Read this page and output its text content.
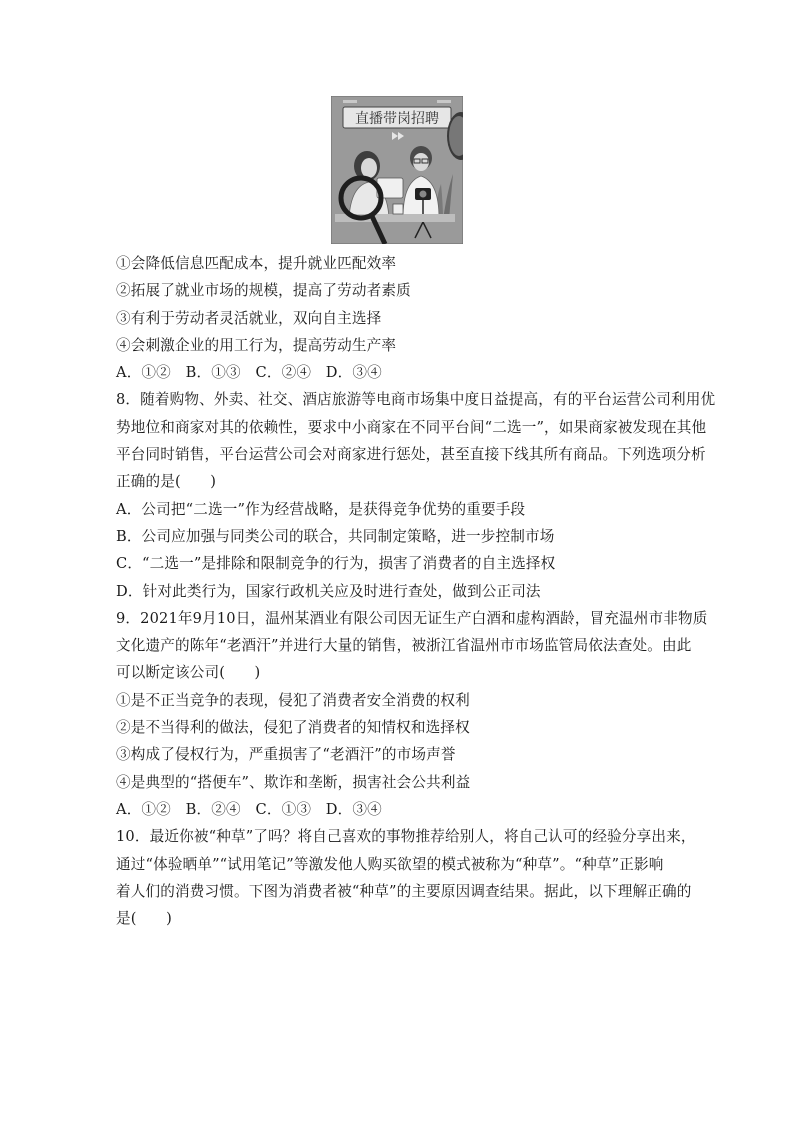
直播带岗招聘
①会降低信息匹配成本，提升就业匹配效率
②拓展了就业市场的规模，提高了劳动者素质
③有利于劳动者灵活就业，双向自主选择
④会刺激企业的用工行为，提高劳动生产率
A．①②　B．①③　C．②④　D．③④
8．随着购物、外卖、社交、酒店旅游等电商市场集中度日益提高，有的平台运营公司利用优
势地位和商家对其的依赖性，要求中小商家在不同平台间“二选一”，如果商家被发现在其他
平台同时销售，平台运营公司会对商家进行惩处，甚至直接下线其所有商品。下列选项分析
正确的是(　　)
A．公司把“二选一”作为经营战略，是获得竞争优势的重要手段
B．公司应加强与同类公司的联合，共同制定策略，进一步控制市场
C．“二选一”是排除和限制竞争的行为，损害了消费者的自主选择权
D．针对此类行为，国家行政机关应及时进行查处，做到公正司法
9．2021年9月10日，温州某酒业有限公司因无证生产白酒和虚构酒龄，冒充温州市非物质
文化遗产的陈年“老酒汗”并进行大量的销售，被浙江省温州市市场监管局依法查处。由此
可以断定该公司(　　)
①是不正当竞争的表现，侵犯了消费者安全消费的权利
②是不当得利的做法，侵犯了消费者的知情权和选择权
③构成了侵权行为，严重损害了“老酒汗”的市场声誉
④是典型的“搭便车”、欺诈和垄断，损害社会公共利益
A．①②　B．②④　C．①③　D．③④
10．最近你被“种草”了吗？将自己喜欢的事物推荐给别人，将自己认可的经验分享出来，
通过“体验晒单”“试用笔记”等激发他人购买欲望的模式被称为“种草”。“种草”正影响
着人们的消费习惯。下图为消费者被“种草”的主要原因调查结果。据此，以下理解正确的
是(　　)
